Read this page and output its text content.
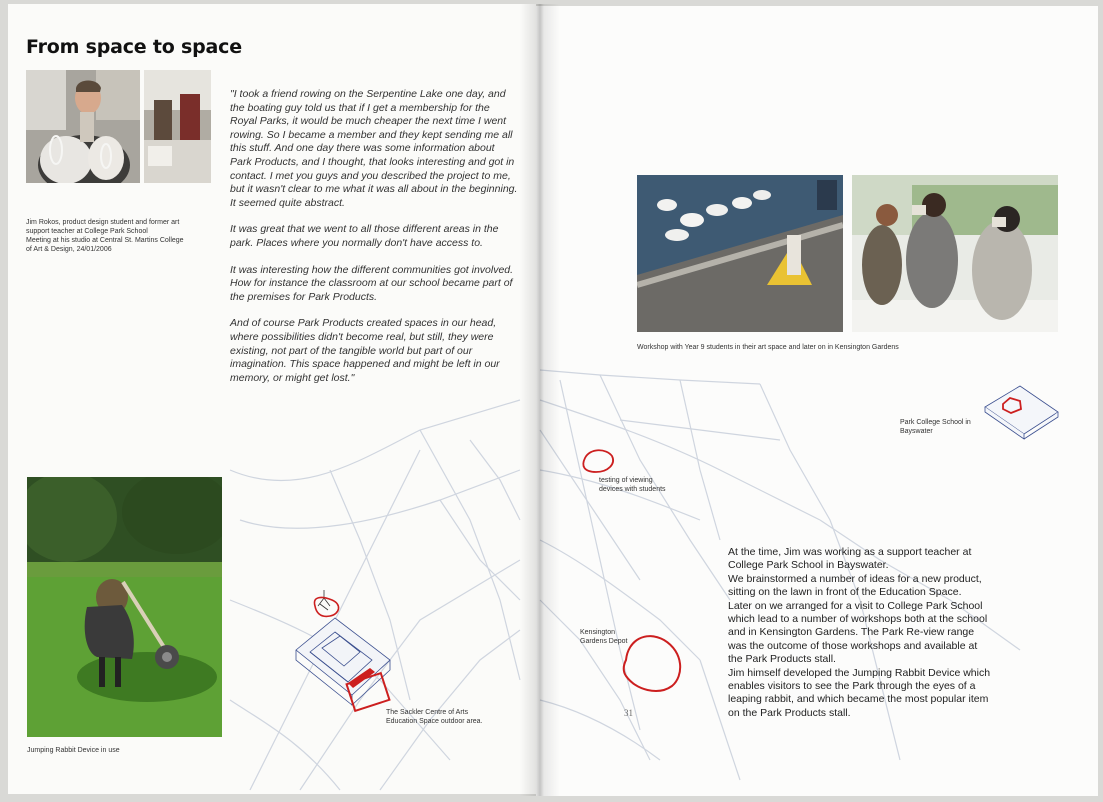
From space to space
Jim Rokos, product design student and former art
support teacher at College Park School
Meeting at his studio at Central St. Martins College
of Art & Design, 24/01/2006

"I took a friend rowing on the Serpentine Lake one day, and the boating guy told us that if I get a membership for the Royal Parks, it would be much cheaper the next time I went rowing. So I became a member and they kept sending me all this stuff. And one day there was some information about Park Products, and I thought, that looks interesting and got in contact. I met you guys and you described the project to me, but it wasn't clear to me what it was all about in the beginning. It seemed quite abstract.

It was great that we went to all those different areas in the park. Places where you normally don't have access to.

It was interesting how the different communities got involved. How for instance the classroom at our school became part of the premises for Park Products.

And of course Park Products created spaces in our head, where possibilities didn't become real, but still, they were existing, not part of the tangible world but part of our imagination. This space happened and might be left in our memory, or might get lost."

Jumping Rabbit Device in use
The Sackler Centre of Arts
Education Space outdoor area.
Workshop with Year 9 students in their art space and later on in Kensington Gardens
Park College School in
Bayswater
testing of viewing
devices with students
Kensington
Gardens Depot

At the time, Jim was working as a support teacher at

College Park School in Bayswater.

We brainstormed a number of ideas for a new product,

sitting on the lawn in front of the Education Space.

Later on we arranged for a visit to College Park School

which lead to a number of workshops both at the school

and in Kensington Gardens. The Park Re-view range

was the outcome of those workshops and available at

the Park Products stall.

Jim himself developed the Jumping Rabbit Device which

enables visitors to see the Park through the eyes of a

leaping rabbit, and which became the most popular item

on the Park Products stall.

31
